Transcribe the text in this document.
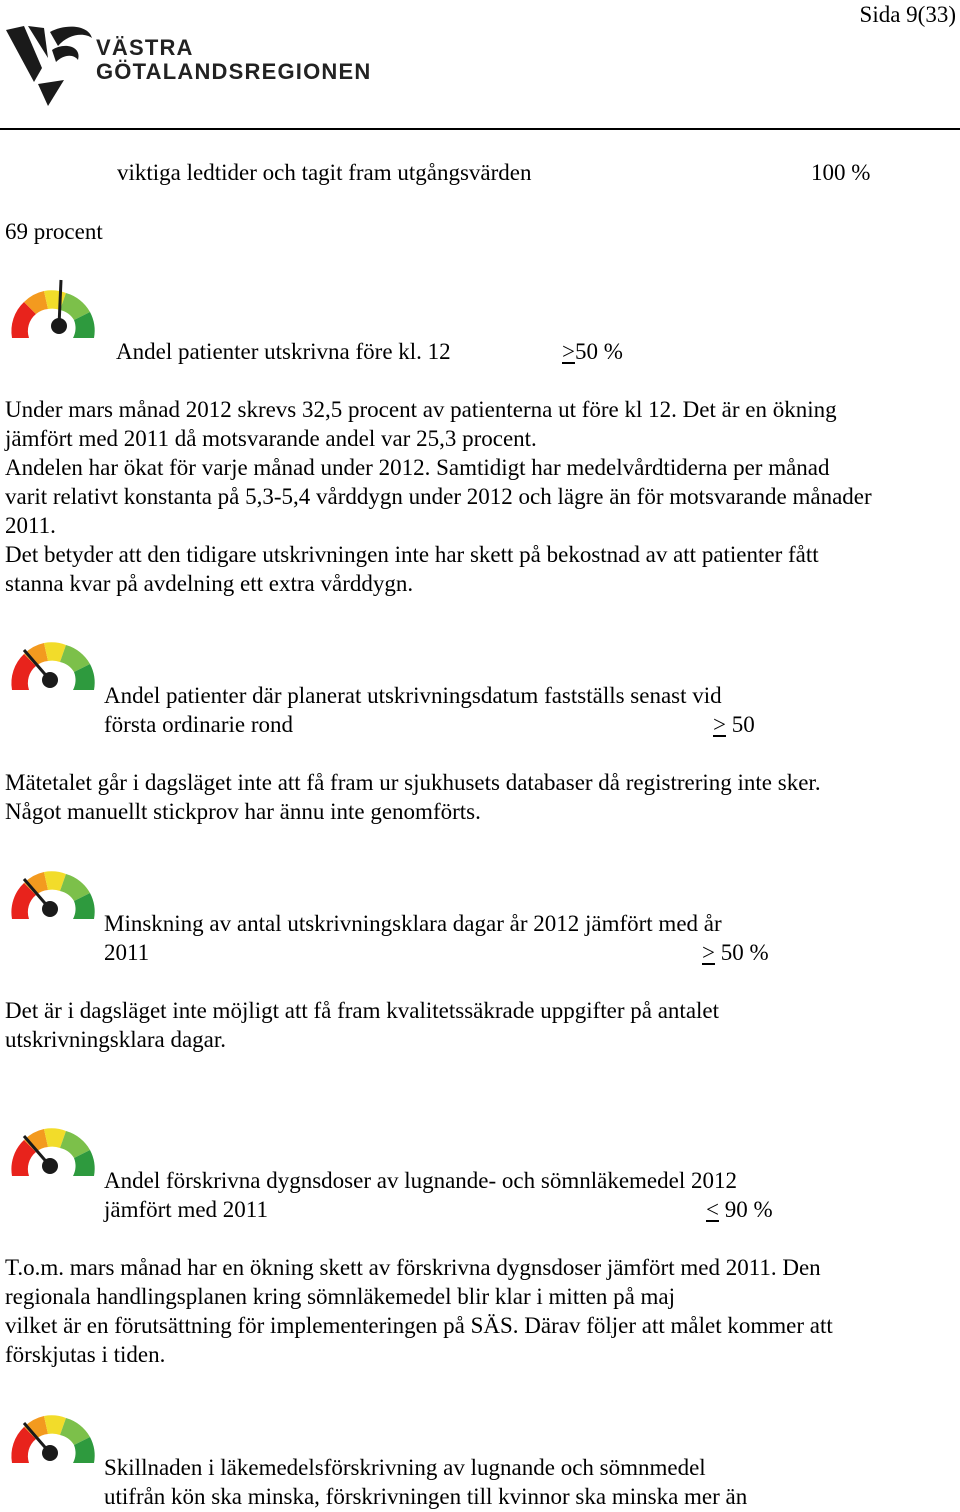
Sida 9(33)
VÄSTRA
GÖTALANDSREGIONEN
viktiga ledtider och tagit fram utgångsvärden	100 %
69 procent
Andel patienter utskrivna före kl. 12	>50 %
Under mars månad 2012 skrevs 32,5 procent av patienterna ut före kl 12. Det är en ökning
jämfört med 2011 då motsvarande andel var 25,3 procent.
Andelen har ökat för varje månad under 2012. Samtidigt har medelvårdtiderna per månad
varit relativt konstanta på 5,3-5,4 vårddygn under 2012 och lägre än för motsvarande månader
2011.
Det betyder att den tidigare utskrivningen inte har skett på bekostnad av att patienter fått
stanna kvar på avdelning ett extra vårddygn.
Andel patienter där planerat utskrivningsdatum fastställs senast vid
första ordinarie rond	> 50
Mätetalet går i dagsläget inte att få fram ur sjukhusets databaser då registrering inte sker.
Något manuellt stickprov har ännu inte genomförts.
Minskning av antal utskrivningsklara dagar år 2012 jämfört med år
2011	> 50 %
Det är i dagsläget inte möjligt att få fram kvalitetssäkrade uppgifter på antalet
utskrivningsklara dagar.
Andel förskrivna dygnsdoser av lugnande- och sömnläkemedel 2012
jämfört med 2011	< 90 %
T.o.m. mars månad har en ökning skett av förskrivna dygnsdoser jämfört med 2011. Den
regionala handlingsplanen kring sömnläkemedel blir klar i mitten på maj
vilket är en förutsättning för implementeringen på SÄS. Därav följer att målet kommer att
förskjutas i tiden.
Skillnaden i läkemedelsförskrivning av lugnande och sömnmedel
utifrån kön ska minska, förskrivningen till kvinnor ska minska mer än
